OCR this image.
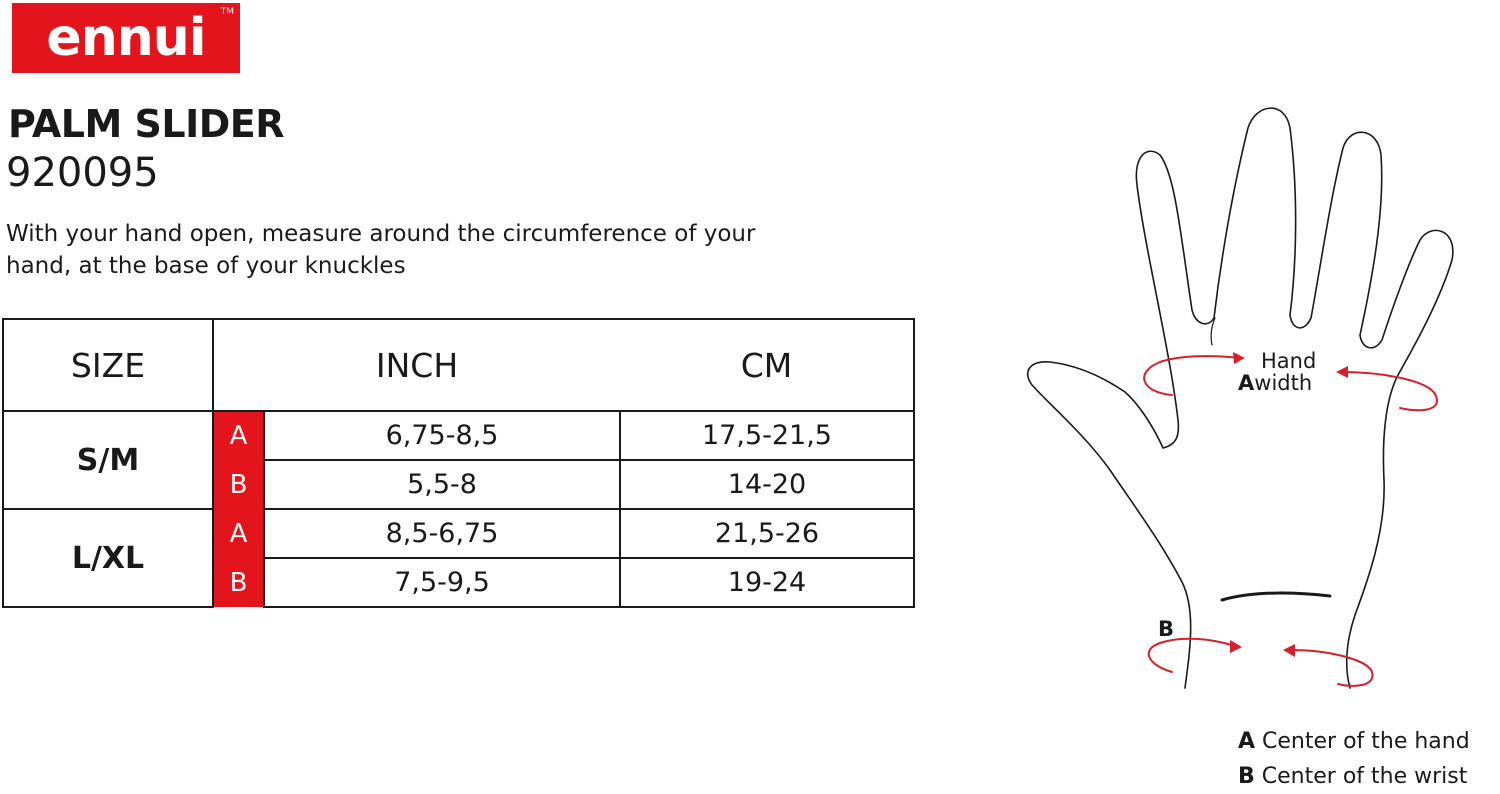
ennui TM
PALM SLIDER
920095
With your hand open, measure around the circumference of your hand, at the base of your knuckles
SIZE	INCH		CM
S/M	A	6,75-8,5	17,5-21,5
	B	5,5-8	14-20
L/XL	A	8,5-6,75	21,5-26
	B	7,5-9,5	19-24
Hand
Awidth
B
A Center of the hand
B Center of the wrist
